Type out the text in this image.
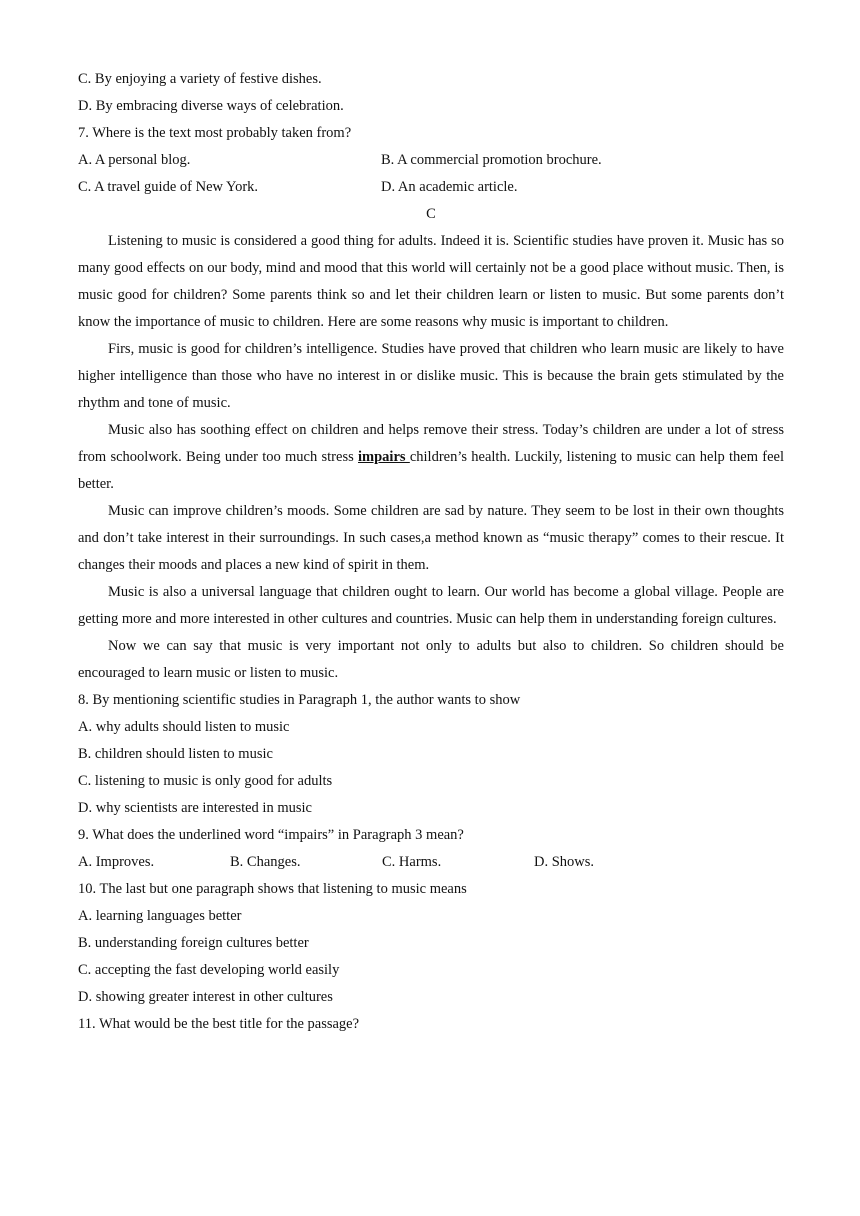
C. By enjoying a variety of festive dishes.
D. By embracing diverse ways of celebration.
7. Where is the text most probably taken from?
A. A personal blog.	B. A commercial promotion brochure.
C. A travel guide of New York.	D. An academic article.
C
Listening to music is considered a good thing for adults. Indeed it is. Scientific studies have proven it. Music has so many good effects on our body, mind and mood that this world will certainly not be a good place without music. Then, is music good for children? Some parents think so and let their children learn or listen to music. But some parents don’t know the importance of music to children. Here are some reasons why music is important to children.
Firs, music is good for children’s intelligence. Studies have proved that children who learn music are likely to have higher intelligence than those who have no interest in or dislike music. This is because the brain gets stimulated by the rhythm and tone of music.
Music also has soothing effect on children and helps remove their stress. Today’s children are under a lot of stress from schoolwork. Being under too much stress impairs children’s health. Luckily, listening to music can help them feel better.
Music can improve children’s moods. Some children are sad by nature. They seem to be lost in their own thoughts and don’t take interest in their surroundings. In such cases,a method known as “music therapy” comes to their rescue. It changes their moods and places a new kind of spirit in them.
Music is also a universal language that children ought to learn. Our world has become a global village. People are getting more and more interested in other cultures and countries. Music can help them in understanding foreign cultures.
Now we can say that music is very important not only to adults but also to children. So children should be encouraged to learn music or listen to music.
8. By mentioning scientific studies in Paragraph 1, the author wants to show
A. why adults should listen to music
B. children should listen to music
C. listening to music is only good for adults
D. why scientists are interested in music
9. What does the underlined word “impairs” in Paragraph 3 mean?
A. Improves.	B. Changes.	C. Harms.	D. Shows.
10. The last but one paragraph shows that listening to music means
A. learning languages better
B. understanding foreign cultures better
C. accepting the fast developing world easily
D. showing greater interest in other cultures
11. What would be the best title for the passage?
